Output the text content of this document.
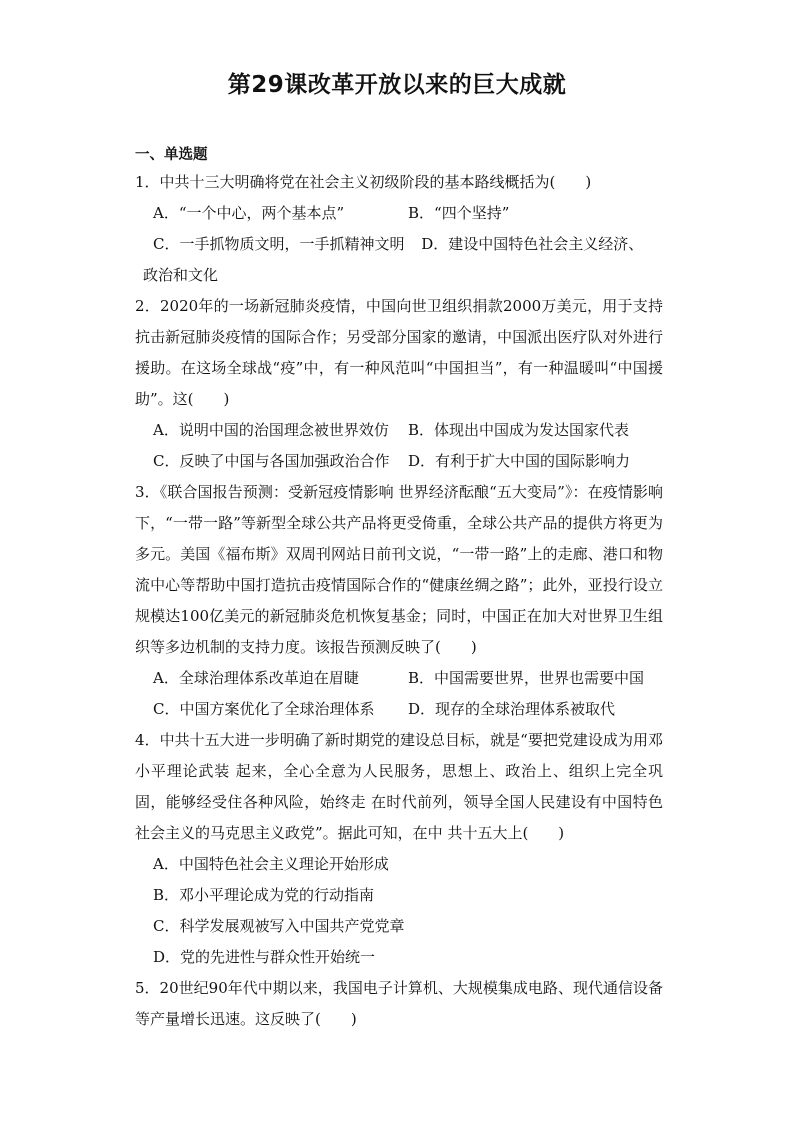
第29课改革开放以来的巨大成就
一、单选题
1．中共十三大明确将党在社会主义初级阶段的基本路线概括为(　　)
A．“一个中心，两个基本点”	B．“四个坚持”
C．一手抓物质文明，一手抓精神文明	D．建设中国特色社会主义经济、
政治和文化
2．2020年的一场新冠肺炎疫情，中国向世卫组织捐款2000万美元，用于支持抗击新冠肺炎疫情的国际合作；另受部分国家的邀请，中国派出医疗队对外进行援助。在这场全球战“疫”中，有一种风范叫“中国担当”，有一种温暖叫“中国援助”。这(　　)
A．说明中国的治国理念被世界效仿	B．体现出中国成为发达国家代表
C．反映了中国与各国加强政治合作	D．有利于扩大中国的国际影响力
3．《联合国报告预测：受新冠疫情影响 世界经济酝酿“五大变局”》：在疫情影响下，“一带一路”等新型全球公共产品将更受倚重，全球公共产品的提供方将更为多元。美国《福布斯》双周刊网站日前刊文说，“一带一路”上的走廊、港口和物流中心等帮助中国打造抗击疫情国际合作的“健康丝绸之路”；此外，亚投行设立规模达100亿美元的新冠肺炎危机恢复基金；同时，中国正在加大对世界卫生组织等多边机制的支持力度。该报告预测反映了(　　)
A．全球治理体系改革迫在眉睫	B．中国需要世界，世界也需要中国
C．中国方案优化了全球治理体系	D．现存的全球治理体系被取代
4．中共十五大进一步明确了新时期党的建设总目标，就是“要把党建设成为用邓小平理论武装 起来，全心全意为人民服务，思想上、政治上、组织上完全巩固，能够经受住各种风险，始终走 在时代前列，领导全国人民建设有中国特色社会主义的马克思主义政党”。据此可知，在中 共十五大上(　　)
A．中国特色社会主义理论开始形成
B．邓小平理论成为党的行动指南
C．科学发展观被写入中国共产党党章
D．党的先进性与群众性开始统一
5．20世纪90年代中期以来，我国电子计算机、大规模集成电路、现代通信设备等产量增长迅速。这反映了(　　)
